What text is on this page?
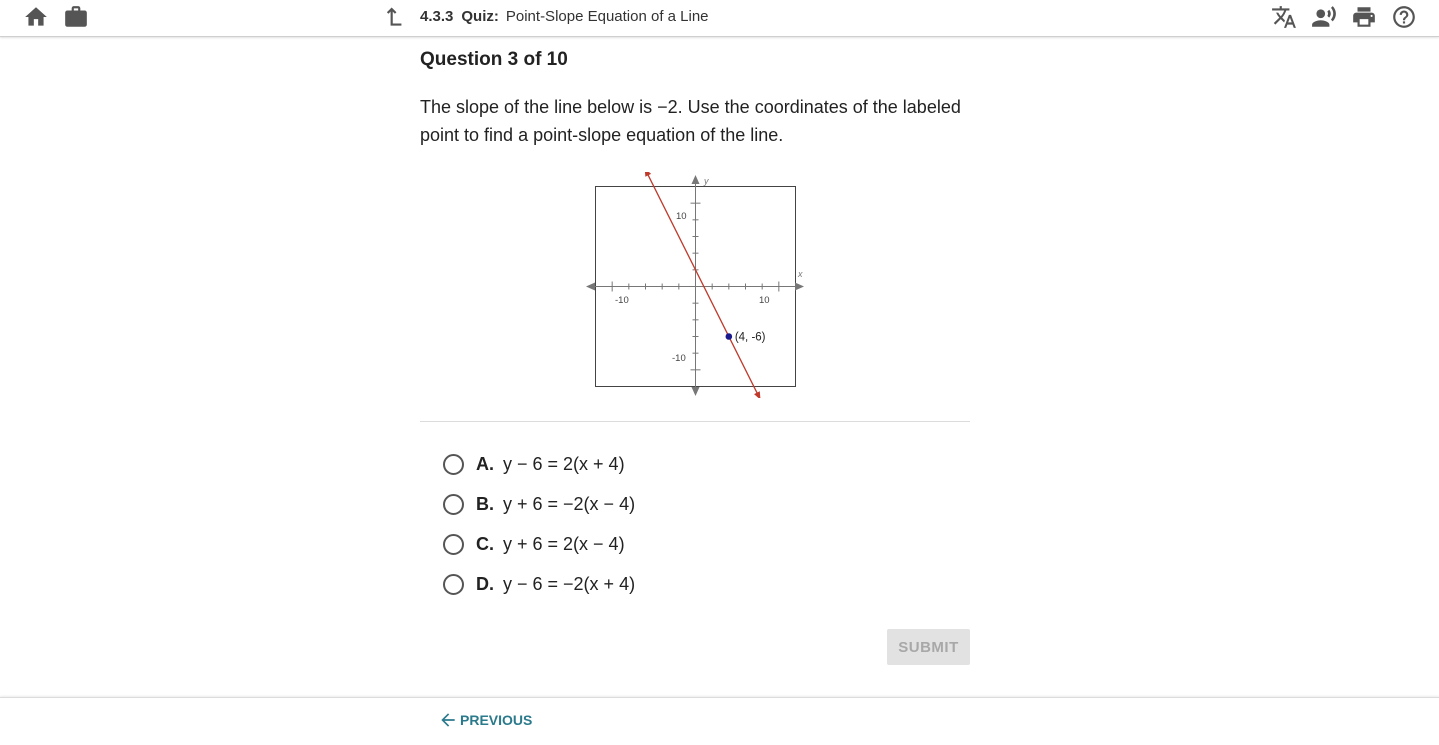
4.3.3 Quiz: Point-Slope Equation of a Line
Question 3 of 10
The slope of the line below is −2. Use the coordinates of the labeled point to find a point-slope equation of the line.
x
y
-10	10
10
-10
(4, -6)
A. y − 6 = 2(x + 4)
B. y + 6 = −2(x − 4)
C. y + 6 = 2(x − 4)
D. y − 6 = −2(x + 4)
SUBMIT
PREVIOUS
